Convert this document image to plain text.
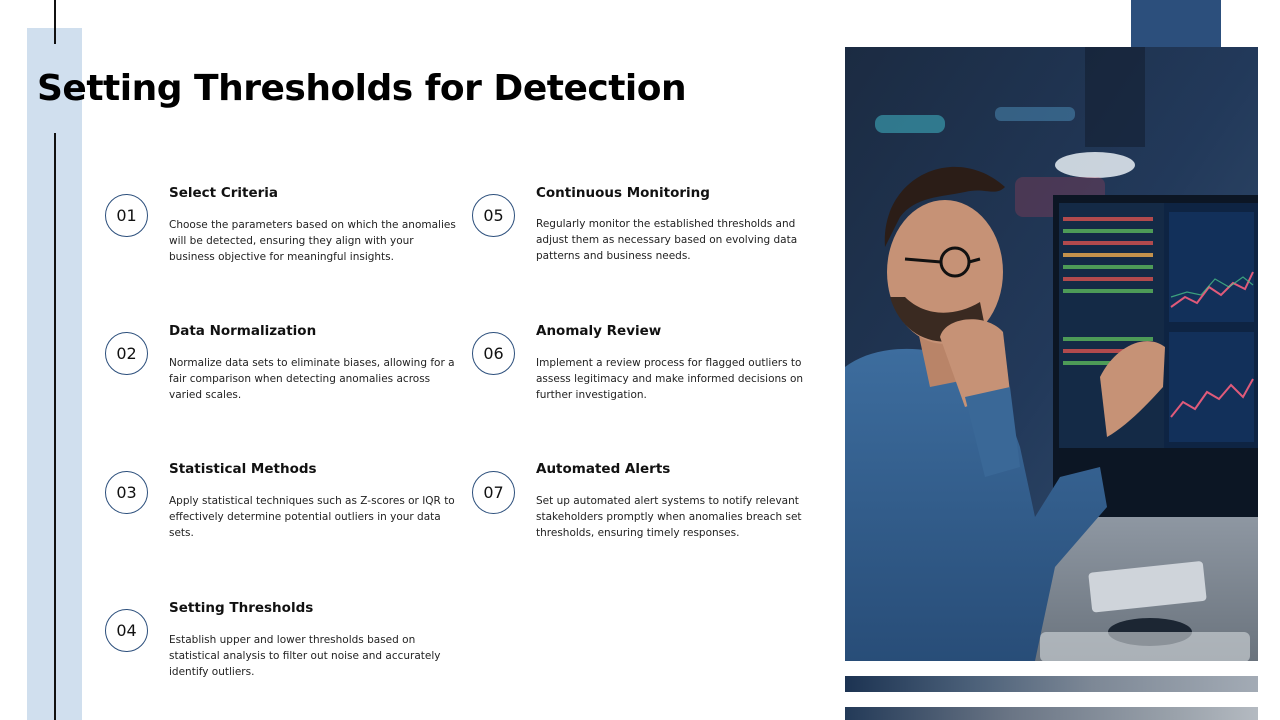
Setting Thresholds for Detection
01
Select Criteria
Choose the parameters based on which the anomalies will be detected, ensuring they align with your business objective for meaningful insights.
02
Data Normalization
Normalize data sets to eliminate biases, allowing for a fair comparison when detecting anomalies across varied scales.
03
Statistical Methods
Apply statistical techniques such as Z-scores or IQR to effectively determine potential outliers in your data sets.
04
Setting Thresholds
Establish upper and lower thresholds based on statistical analysis to filter out noise and accurately identify outliers.
05
Continuous Monitoring
Regularly monitor the established thresholds and adjust them as necessary based on evolving data patterns and business needs.
06
Anomaly Review
Implement a review process for flagged outliers to assess legitimacy and make informed decisions on further investigation.
07
Automated Alerts
Set up automated alert systems to notify relevant stakeholders promptly when anomalies breach set thresholds, ensuring timely responses.
